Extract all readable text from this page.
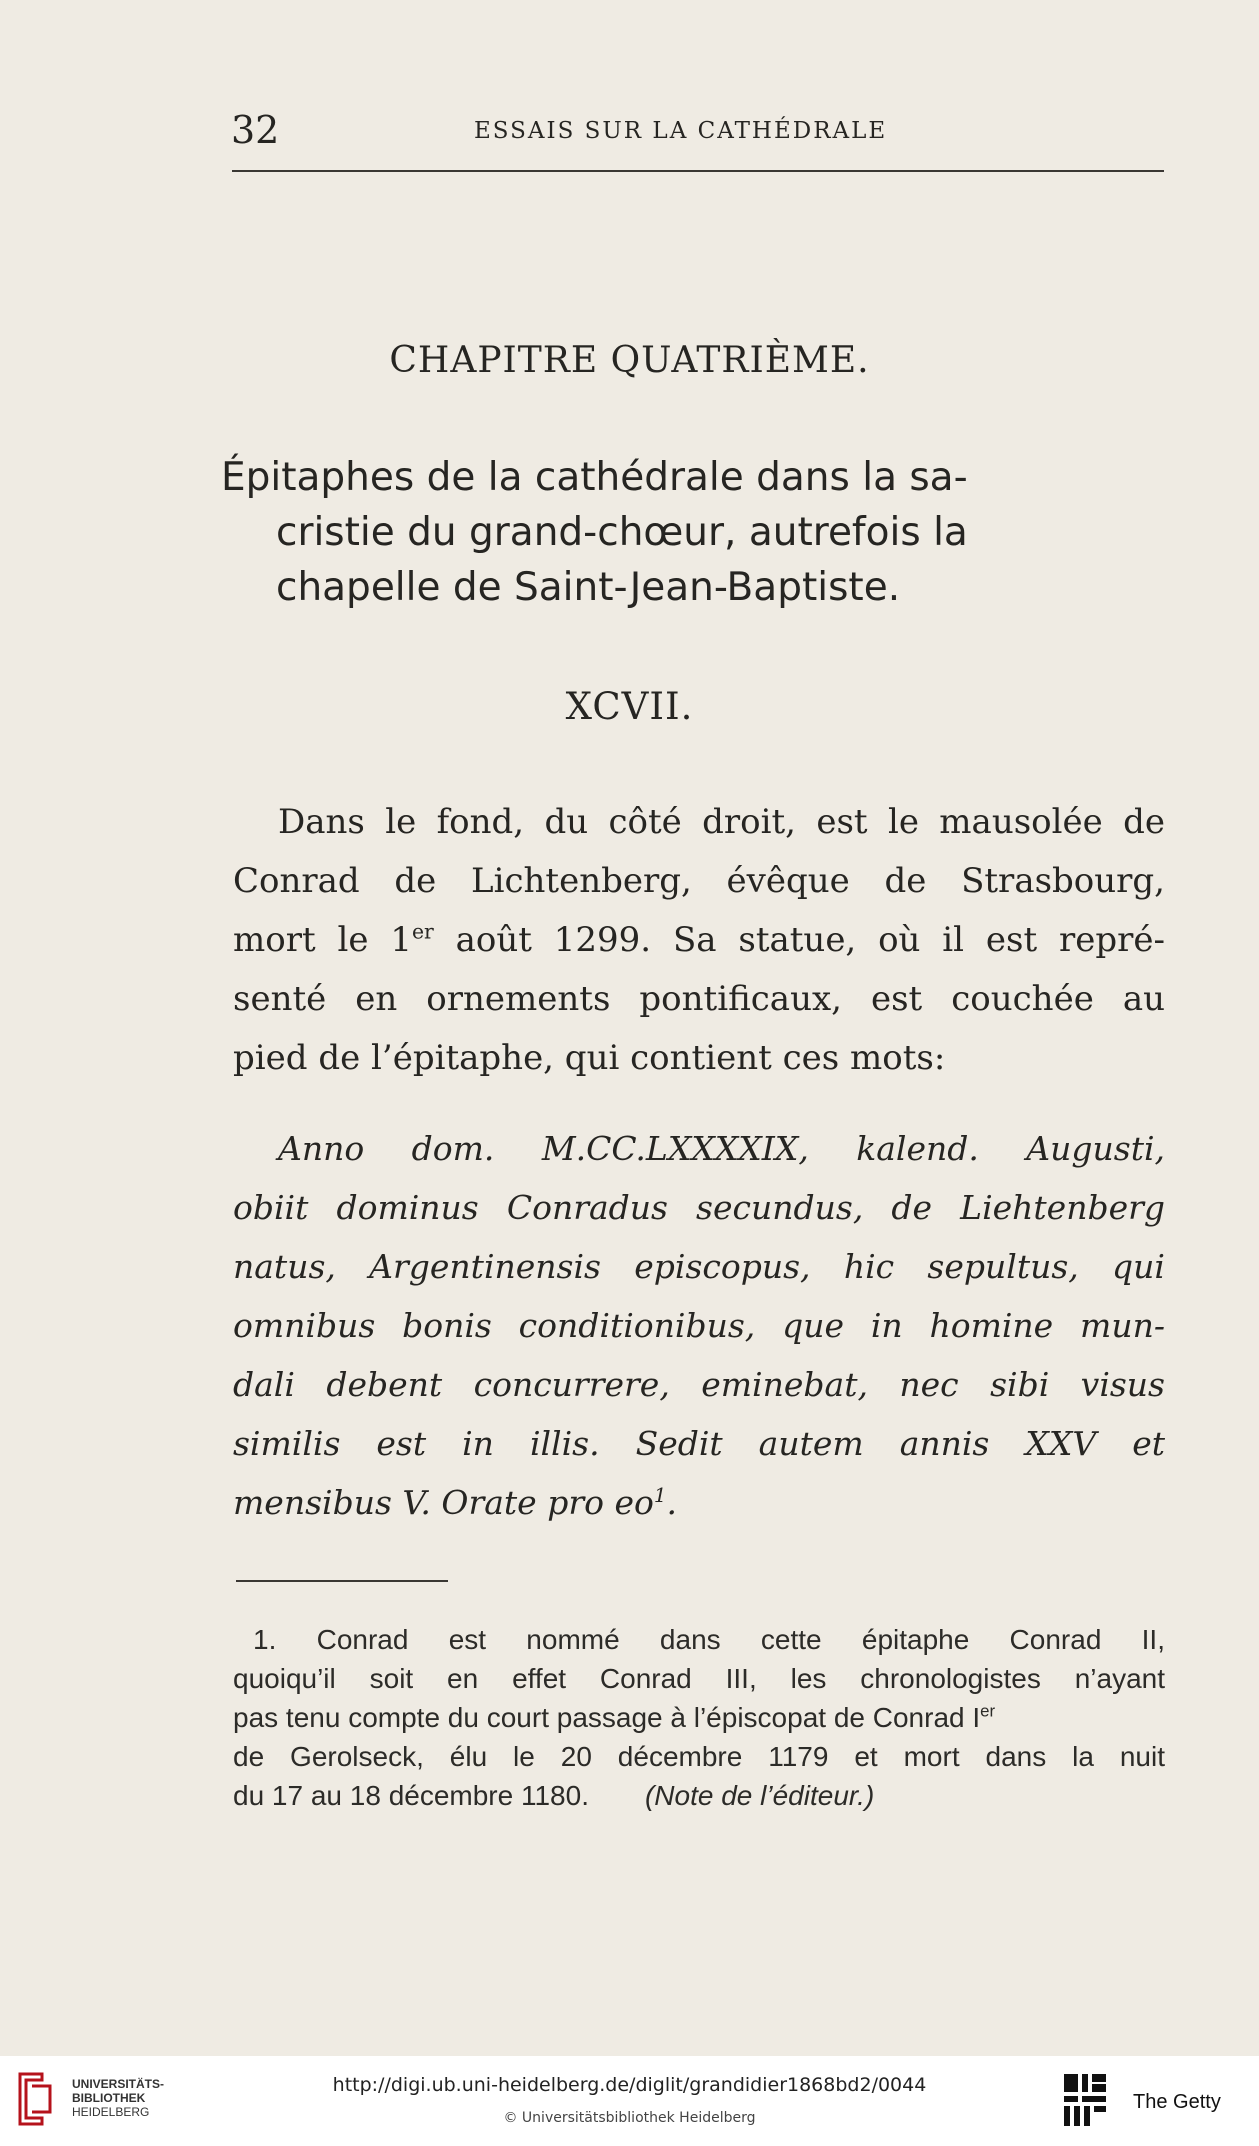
32	ESSAIS SUR LA CATHÉDRALE
CHAPITRE QUATRIÈME.
Épitaphes de la cathédrale dans la sa-
cristie du grand-chœur, autrefois la
chapelle de Saint-Jean-Baptiste.
XCVII.
Dans le fond, du côté droit, est le mausolée de
Conrad de Lichtenberg, évêque de Strasbourg,
mort le 1er août 1299. Sa statue, où il est repré-
senté en ornements pontificaux, est couchée au
pied de l’épitaphe, qui contient ces mots:
Anno dom. M.CC.LXXXXIX, kalend. Augusti,
obiit dominus Conradus secundus, de Liehtenberg
natus, Argentinensis episcopus, hic sepultus, qui
omnibus bonis conditionibus, que in homine mun-
dali debent concurrere, eminebat, nec sibi visus
similis est in illis. Sedit autem annis XXV et
mensibus V. Orate pro $eo^1$.
1. Conrad est nommé dans cette épitaphe Conrad II,
quoiqu’il soit en effet Conrad III, les chronologistes n’ayant
pas tenu compte du court passage à l’épiscopat de Conrad Ier
de Gerolseck, élu le 20 décembre 1179 et mort dans la nuit
du 17 au 18 décembre 1180. (Note de l’éditeur.)
UNIVERSITÄTS-
BIBLIOTHEK
HEIDELBERG
http://digi.ub.uni-heidelberg.de/diglit/grandidier1868bd2/0044
© Universitätsbibliothek Heidelberg
The Getty
